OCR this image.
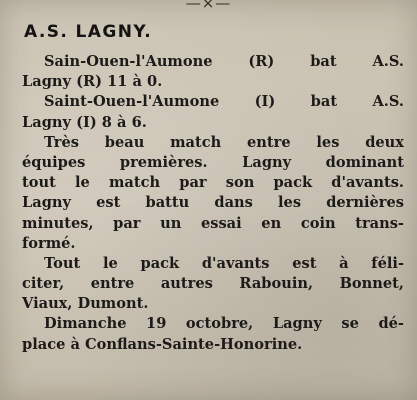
—×—
A.S. LAGNY.
Sain-Ouen-l'Aumone (R) bat A.S.
Lagny (R) 11 à 0.
Saint-Ouen-l'Aumone (I) bat A.S.
Lagny (I) 8 à 6.
Très beau match entre les deux
équipes premières. Lagny dominant
tout le match par son pack d'avants.
Lagny est battu dans les dernières
minutes, par un essai en coin trans-
formé.
Tout le pack d'avants est à féli-
citer, entre autres Rabouin, Bonnet,
Viaux, Dumont.
Dimanche 19 octobre, Lagny se dé-
place à Conflans-Sainte-Honorine.
